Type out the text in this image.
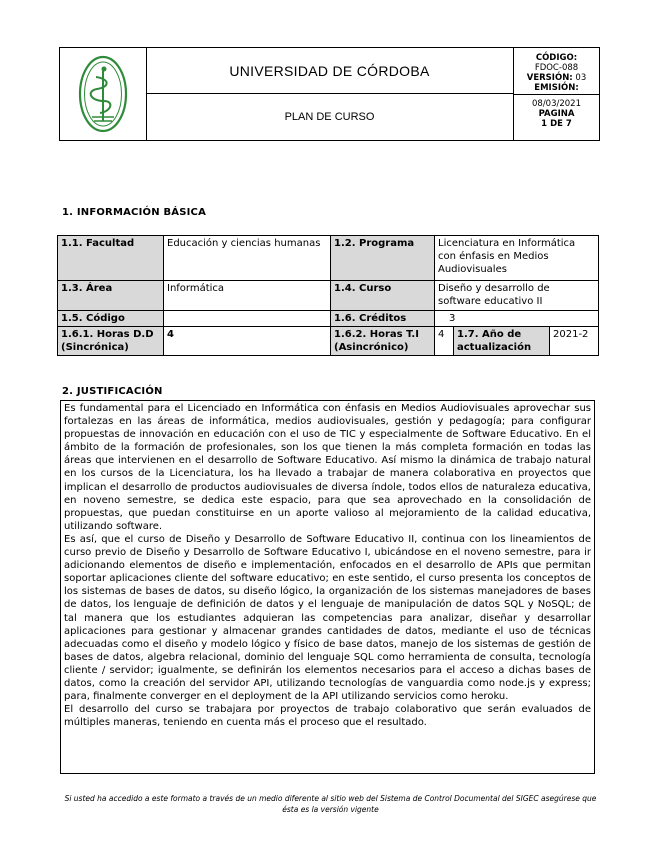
UNIVERSIDAD DE CÓRDOBA
PLAN DE CURSO
CÓDIGO:
FDOC-088
VERSIÓN: 03
EMISIÓN:
08/03/2021
PAGINA
1 DE 7
1. INFORMACIÓN BÁSICA
1.1. Facultad	Educación y ciencias humanas	1.2. Programa	Licenciatura en Informática con énfasis en Medios Audiovisuales		
1.3. Área	Informática	1.4. Curso	Diseño y desarrollo de software educativo II		
1.5. Código		1.6. Créditos	3		
1.6.1. Horas D.D (Sincrónica)	4	1.6.2. Horas T.I (Asincrónico)	4	1.7. Año de actualización	2021-2
2. JUSTIFICACIÓN

Es fundamental para el Licenciado en Informática con énfasis en Medios Audiovisuales aprovechar sus fortalezas en las áreas de informática, medios audiovisuales, gestión y pedagogía; para configurar propuestas de innovación en educación con el uso de TIC y especialmente de Software Educativo. En el ámbito de la formación de profesionales, son los que tienen la más completa formación en todas las áreas que intervienen en el desarrollo de Software Educativo. Así mismo la dinámica de trabajo natural en los cursos de la Licenciatura, los ha llevado a trabajar de manera colaborativa en proyectos que implican el desarrollo de productos audiovisuales de diversa índole, todos ellos de naturaleza educativa, en noveno semestre, se dedica este espacio, para que sea aprovechado en la consolidación de propuestas, que puedan constituirse en un aporte valioso al mejoramiento de la calidad educativa, utilizando software.

Es así, que el curso de Diseño y Desarrollo de Software Educativo II, continua con los lineamientos de curso previo de Diseño y Desarrollo de Software Educativo I, ubicándose en el noveno semestre, para ir adicionando elementos de diseño e implementación, enfocados en el desarrollo de APIs que permitan soportar aplicaciones cliente del software educativo; en este sentido, el curso presenta los conceptos de los sistemas de bases de datos, su diseño lógico, la organización de los sistemas manejadores de bases de datos, los lenguaje de definición de datos y el lenguaje de manipulación de datos SQL y NoSQL; de tal manera que los estudiantes adquieran las competencias para analizar, diseñar y desarrollar aplicaciones para gestionar y almacenar grandes cantidades de datos, mediante el uso de técnicas adecuadas como el diseño y modelo lógico y físico de base datos, manejo de los sistemas de gestión de bases de datos, algebra relacional, dominio del lenguaje SQL como herramienta de consulta, tecnología cliente / servidor; igualmente, se definirán los elementos necesarios para el acceso a dichas bases de datos, como la creación del servidor API, utilizando tecnologías de vanguardia como node.js y express; para, finalmente converger en el deployment de la API utilizando servicios como heroku.

El desarrollo del curso se trabajara por proyectos de trabajo colaborativo que serán evaluados de múltiples maneras, teniendo en cuenta más el proceso que el resultado.

Si usted ha accedido a este formato a través de un medio diferente al sitio web del Sistema de Control Documental del SIGEC asegúrese que ésta es la versión vigente
